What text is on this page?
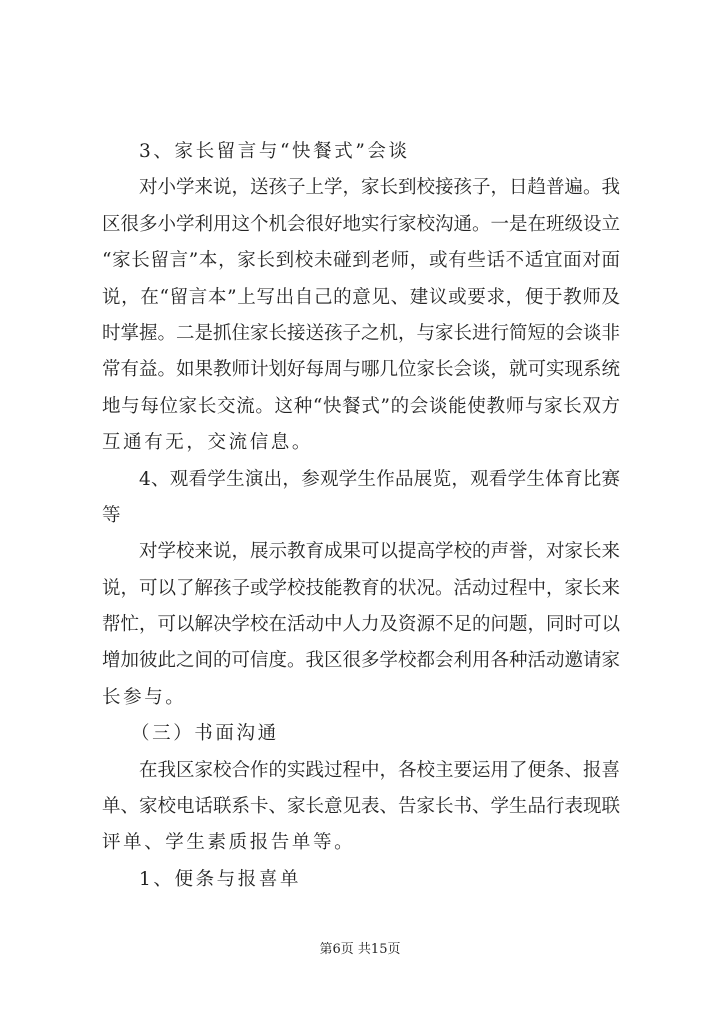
3、家长留言与“快餐式”会谈
对小学来说，送孩子上学，家长到校接孩子，日趋普遍。我
区很多小学利用这个机会很好地实行家校沟通。一是在班级设立
“家长留言”本，家长到校未碰到老师，或有些话不适宜面对面
说，在“留言本”上写出自己的意见、建议或要求，便于教师及
时掌握。二是抓住家长接送孩子之机，与家长进行简短的会谈非
常有益。如果教师计划好每周与哪几位家长会谈，就可实现系统
地与每位家长交流。这种“快餐式”的会谈能使教师与家长双方
互通有无，交流信息。
4、观看学生演出，参观学生作品展览，观看学生体育比赛
等
对学校来说，展示教育成果可以提高学校的声誉，对家长来
说，可以了解孩子或学校技能教育的状况。活动过程中，家长来
帮忙，可以解决学校在活动中人力及资源不足的问题，同时可以
增加彼此之间的可信度。我区很多学校都会利用各种活动邀请家
长参与。
（三）书面沟通
在我区家校合作的实践过程中，各校主要运用了便条、报喜
单、家校电话联系卡、家长意见表、告家长书、学生品行表现联
评单、学生素质报告单等。
1、便条与报喜单
第6页 共15页
